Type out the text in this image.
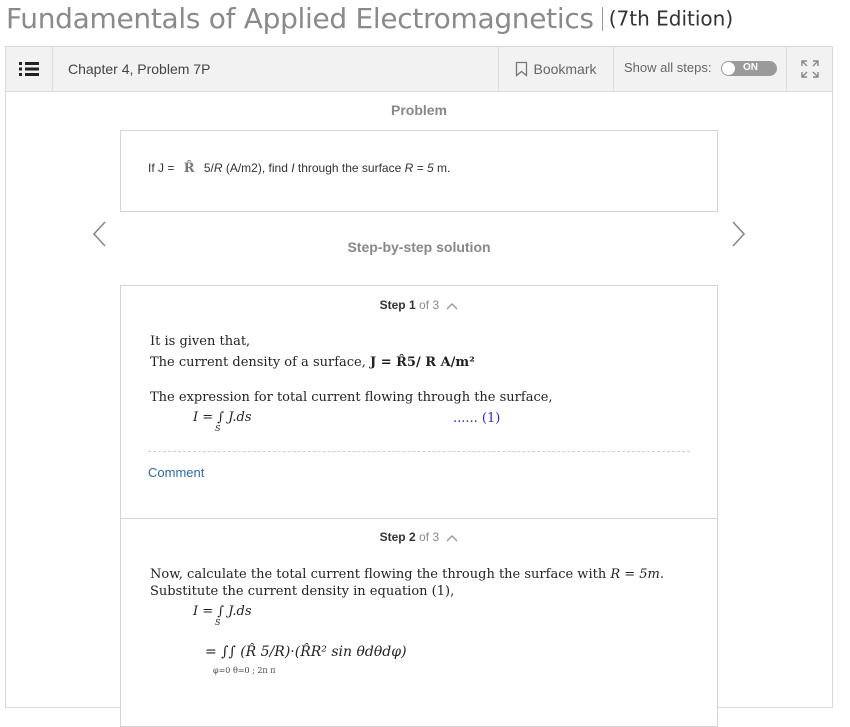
Fundamentals of Applied Electromagnetics (7th Edition)
Chapter 4, Problem 7P	Bookmark Show all steps:	ON
Problem
If J = R̂ 5/R (A/m2), find I through the surface R = 5 m.
Step-by-step solution
Step 1 of 3
It is given that,
The current density of a surface, J = R̂5/ R A/m²
The expression for total current flowing through the surface,
I = ∫ J.ds
S
...... (1)
Comment
Step 2 of 3
Now, calculate the total current flowing the through the surface with R = 5m.
Substitute the current density in equation (1),
I = ∫ J.ds
S
= ∫∫ (R̂ 5/R)·(R̂R² sin θdθdφ)
φ=0 θ=0 ; 2π π
